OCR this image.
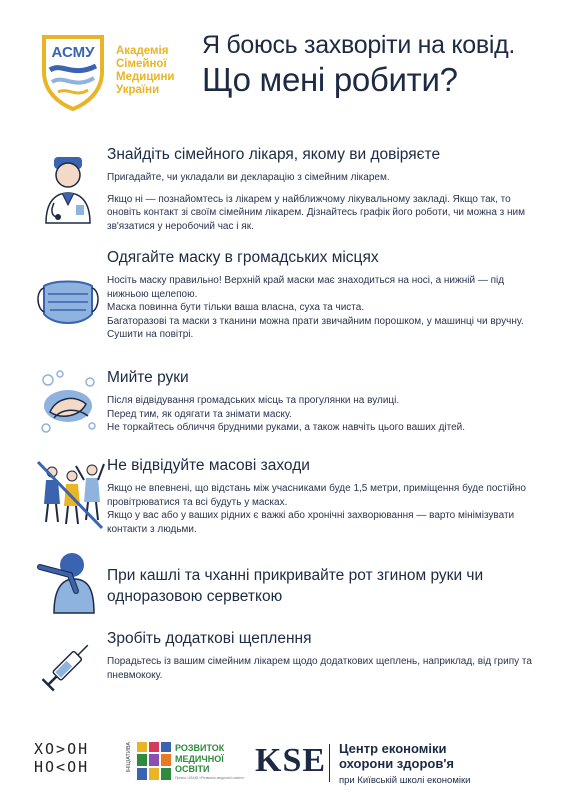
АСМУ Академія
Сімейної
Медицини
України
Я боюсь захворіти на ковід.
Що мені робити?
Знайдіть сімейного лікаря, якому ви довіряєте

Пригадайте, чи укладали ви декларацію з сімейним лікарем.

Якщо ні — познайомтесь із лікарем у найближчому лікувальному закладі. Якщо так, то оновіть контакт зі своїм сімейним лікарем. Дізнайтесь графік його роботи, чи можна з ним зв'язатися у неробочий час і як.

Одягайте маску в громадських місцях

Носіть маску правильно! Верхній край маски має знаходиться на носі, а нижній — під нижньою щелепою.

Маска повинна бути тільки ваша власна, суха та чиста.

Багаторазові та маски з тканини можна прати звичайним порошком, у машинці чи вручну. Сушити на повітрі.

Мийте руки

Після відвідування громадських місць та прогулянки на вулиці.

Перед тим, як одягати та знімати маску.

Не торкайтесь обличчя брудними руками, а також навчіть цього ваших дітей.

Не відвідуйте масові заходи

Якщо не впевнені, що відстань між учасниками буде 1,5 метри, приміщення буде постійно провітрюватися та всі будуть у масках.

Якщо у вас або у ваших рідних є важкі або хронічні захворювання — варто мінімізувати контакти з людьми.

При кашлі та чханні прикривайте рот згином руки чи одноразовою серветкою
Зробіть додаткові щеплення

Порадьтесь із вашим сімейним лікарем щодо додаткових щеплень, наприклад, від грипу та пневмококу.

ХО>ОН
НО<ОН	ІНІЦІАТИВА	РОЗВИТОК
МЕДИЧНОЇ
ОСВІТИ
Проект USAID «Розвиток медичної освіти» KSE Центр економіки
охорони здоров'я
при Київській школі економіки
